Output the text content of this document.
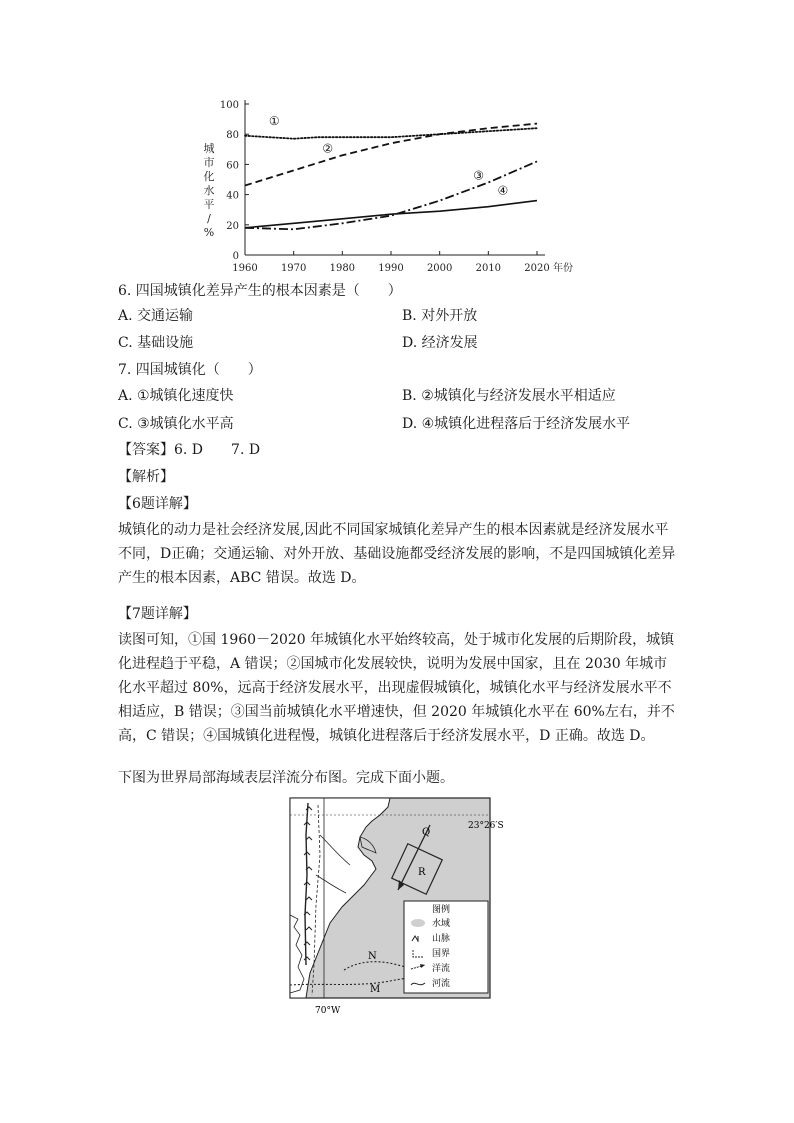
0
20
40
60
80
100
1960 1970 1980 1990 2000 2010 2020 年份
城
市
化
水
平
/
%
①
②
③
④
6. 四国城镇化差异产生的根本因素是（　　）
A. 交通运输	B. 对外开放
C. 基础设施	D. 经济发展
7. 四国城镇化（　　）
A. ①城镇化速度快	B. ②城镇化与经济发展水平相适应
C. ③城镇化水平高	D. ④城镇化进程落后于经济发展水平
【答案】6. D　　7. D
【解析】
【6题详解】
城镇化的动力是社会经济发展,因此不同国家城镇化差异产生的根本因素就是经济发展水平不同，D正确；交通运输、对外开放、基础设施都受经济发展的影响，不是四国城镇化差异产生的根本因素，ABC 错误。故选 D。
【7题详解】
读图可知，①国 1960－2020 年城镇化水平始终较高，处于城市化发展的后期阶段，城镇化进程趋于平稳，A 错误；②国城市化发展较快，说明为发展中国家，且在 2030 年城市化水平超过 80%，远高于经济发展水平，出现虚假城镇化，城镇化水平与经济发展水平不相适应，B 错误；③国当前城镇化水平增速快，但 2020 年城镇化水平在 60%左右，并不高，C 错误；④国城镇化进程慢，城镇化进程落后于经济发展水平，D 正确。故选 D。
下图为世界局部海域表层洋流分布图。完成下面小题。
Q
R
N
M
23°26′S
70°W
图例
水域
山脉
国界
洋流
河流
